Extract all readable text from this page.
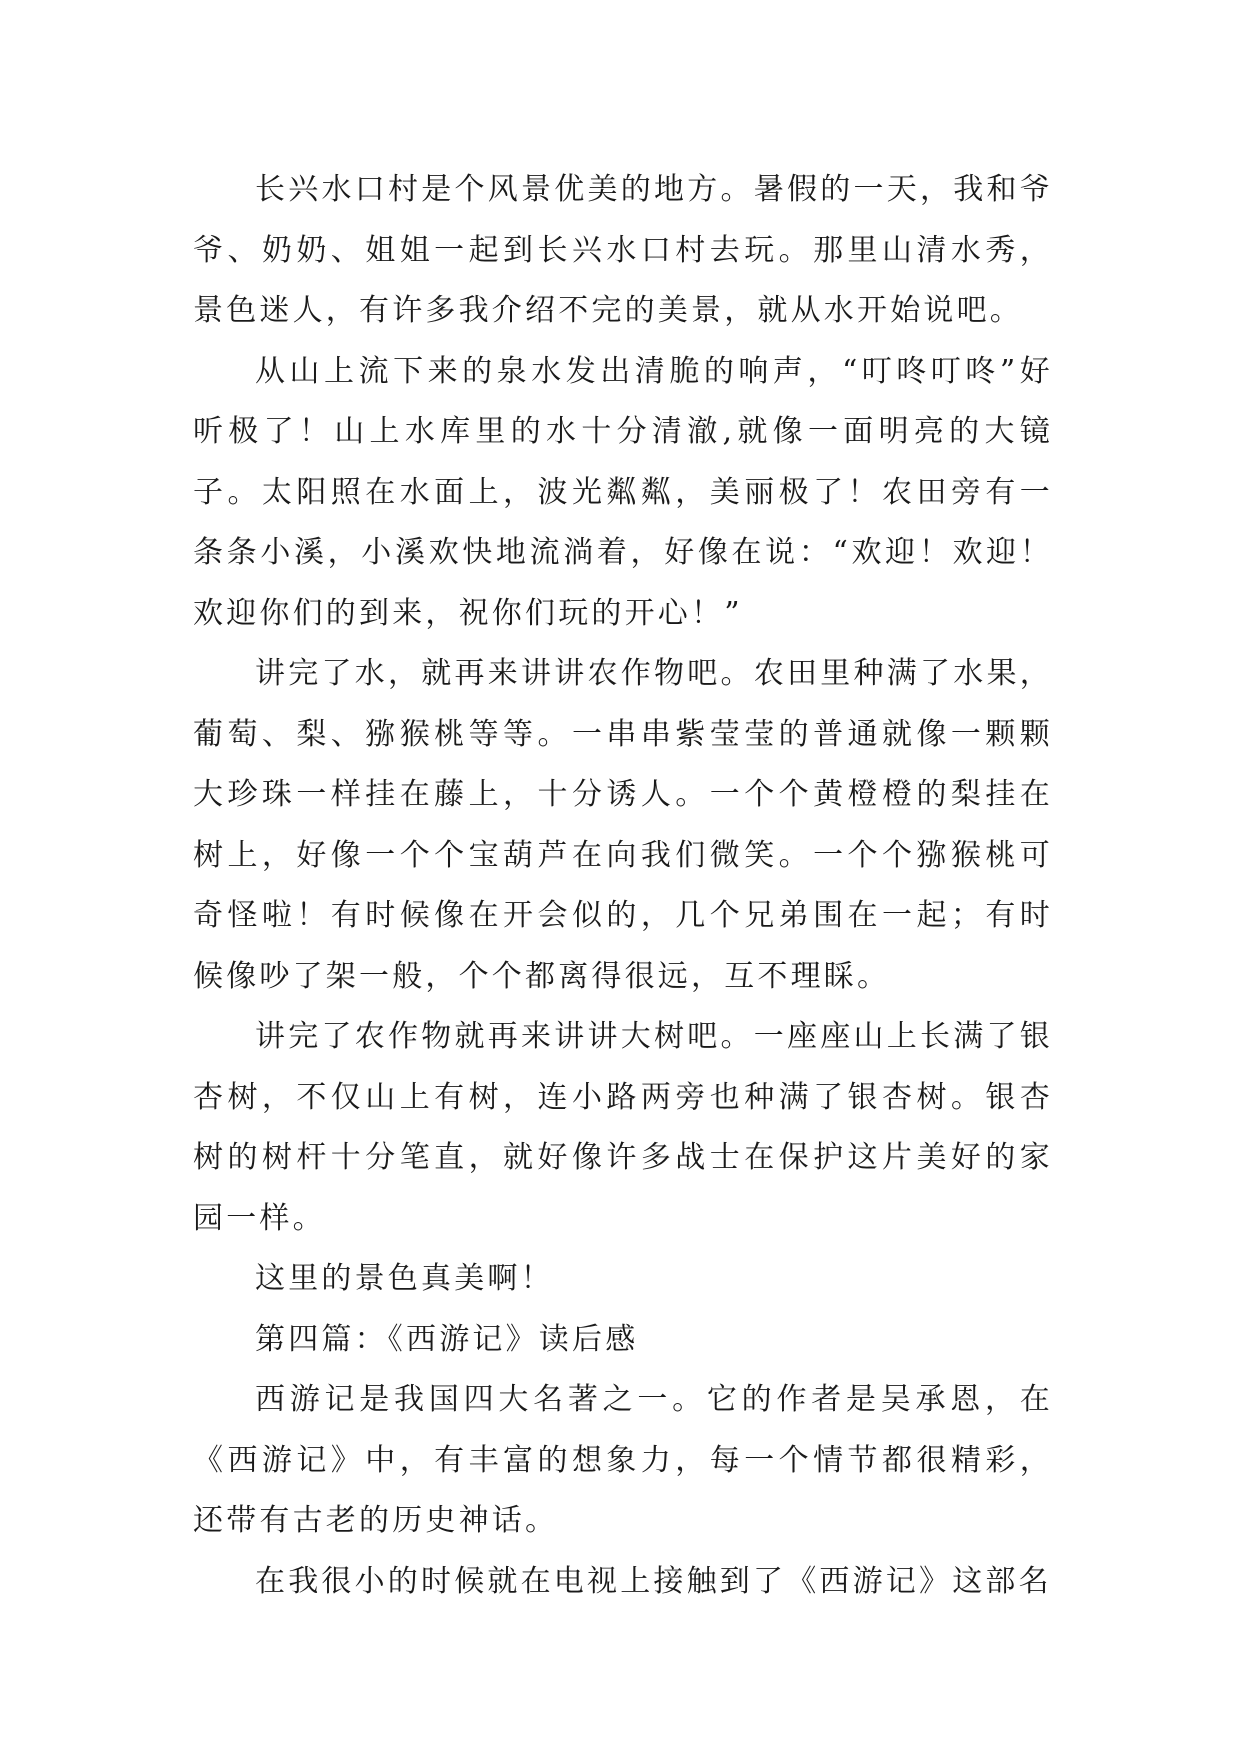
长兴水口村是个风景优美的地方。暑假的一天，我和爷爷、奶奶、姐姐一起到长兴水口村去玩。那里山清水秀，景色迷人，有许多我介绍不完的美景，就从水开始说吧。

从山上流下来的泉水发出清脆的响声，“叮咚叮咚”好听极了！山上水库里的水十分清澈,就像一面明亮的大镜子。太阳照在水面上，波光粼粼，美丽极了！农田旁有一条条小溪，小溪欢快地流淌着，好像在说：“欢迎！欢迎！欢迎你们的到来，祝你们玩的开心！”

讲完了水，就再来讲讲农作物吧。农田里种满了水果，葡萄、梨、猕猴桃等等。一串串紫莹莹的普通就像一颗颗大珍珠一样挂在藤上，十分诱人。一个个黄橙橙的梨挂在树上，好像一个个宝葫芦在向我们微笑。一个个猕猴桃可奇怪啦！有时候像在开会似的，几个兄弟围在一起；有时候像吵了架一般，个个都离得很远，互不理睬。

讲完了农作物就再来讲讲大树吧。一座座山上长满了银杏树，不仅山上有树，连小路两旁也种满了银杏树。银杏树的树杆十分笔直，就好像许多战士在保护这片美好的家园一样。

这里的景色真美啊！

第四篇：《西游记》读后感

西游记是我国四大名著之一。它的作者是吴承恩，在《西游记》中，有丰富的想象力，每一个情节都很精彩，还带有古老的历史神话。

在我很小的时候就在电视上接触到了《西游记》这部名
